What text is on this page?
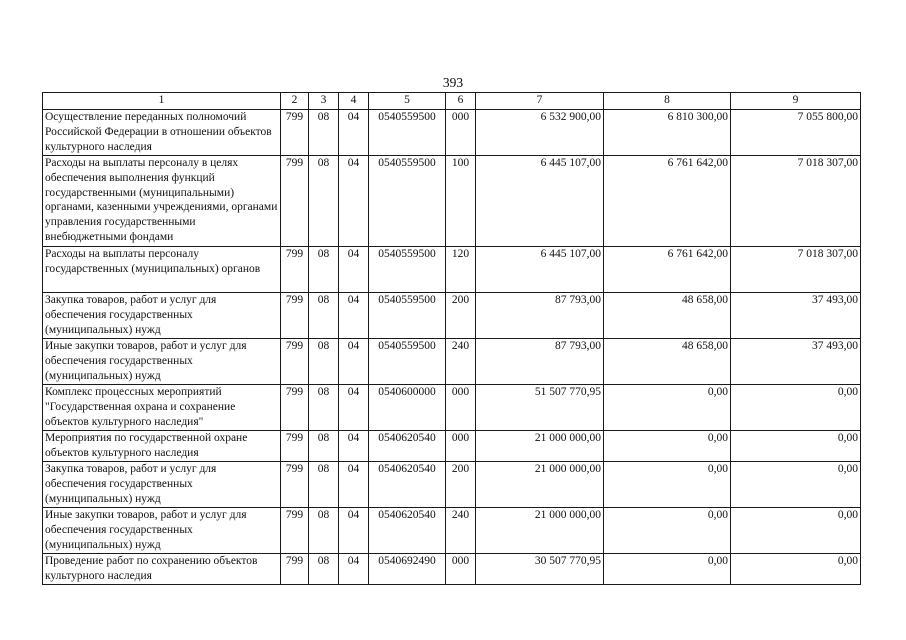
393
1	2	3	4	5	6	7	8	9
Осуществление переданных полномочий Российской Федерации в отношении объектов культурного наследия	799	08	04	0540559500	000	6 532 900,00	6 810 300,00	7 055 800,00
Расходы на выплаты персоналу в целях обеспечения выполнения функций государственными (муниципальными) органами, казенными учреждениями, органами управления государственными внебюджетными фондами	799	08	04	0540559500	100	6 445 107,00	6 761 642,00	7 018 307,00
Расходы на выплаты персоналу государственных (муниципальных) органов	799	08	04	0540559500	120	6 445 107,00	6 761 642,00	7 018 307,00
Закупка товаров, работ и услуг для обеспечения государственных (муниципальных) нужд	799	08	04	0540559500	200	87 793,00	48 658,00	37 493,00
Иные закупки товаров, работ и услуг для обеспечения государственных (муниципальных) нужд	799	08	04	0540559500	240	87 793,00	48 658,00	37 493,00
Комплекс процессных мероприятий "Государственная охрана и сохранение объектов культурного наследия"	799	08	04	0540600000	000	51 507 770,95	0,00	0,00
Мероприятия по государственной охране объектов культурного наследия	799	08	04	0540620540	000	21 000 000,00	0,00	0,00
Закупка товаров, работ и услуг для обеспечения государственных (муниципальных) нужд	799	08	04	0540620540	200	21 000 000,00	0,00	0,00
Иные закупки товаров, работ и услуг для обеспечения государственных (муниципальных) нужд	799	08	04	0540620540	240	21 000 000,00	0,00	0,00
Проведение работ по сохранению объектов культурного наследия	799	08	04	0540692490	000	30 507 770,95	0,00	0,00
